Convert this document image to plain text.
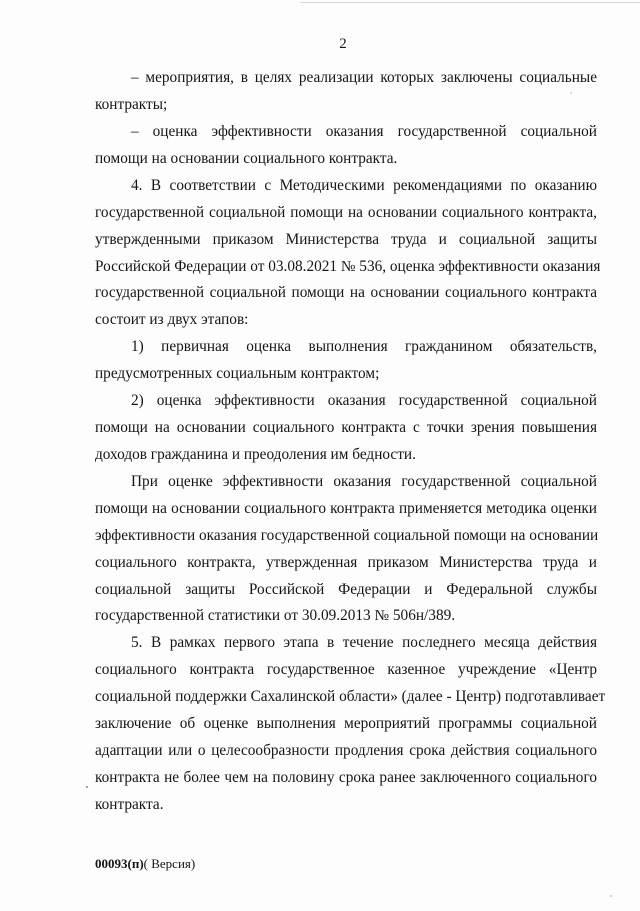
2
– мероприятия, в целях реализации которых заключены социальные
контракты;
– оценка эффективности оказания государственной социальной
помощи на основании социального контракта.
4. В соответствии с Методическими рекомендациями по оказанию
государственной социальной помощи на основании социального контракта,
утвержденными приказом Министерства труда и социальной защиты
Российской Федерации от 03.08.2021 № 536, оценка эффективности оказания
государственной социальной помощи на основании социального контракта
состоит из двух этапов:
1) первичная оценка выполнения гражданином обязательств,
предусмотренных социальным контрактом;
2) оценка эффективности оказания государственной социальной
помощи на основании социального контракта с точки зрения повышения
доходов гражданина и преодоления им бедности.
При оценке эффективности оказания государственной социальной
помощи на основании социального контракта применяется методика оценки
эффективности оказания государственной социальной помощи на основании
социального контракта, утвержденная приказом Министерства труда и
социальной защиты Российской Федерации и Федеральной службы
государственной статистики от 30.09.2013 № 506н/389.
5. В рамках первого этапа в течение последнего месяца действия
социального контракта государственное казенное учреждение «Центр
социальной поддержки Сахалинской области» (далее - Центр) подготавливает
заключение об оценке выполнения мероприятий программы социальной
адаптации или о целесообразности продления срока действия социального
контракта не более чем на половину срока ранее заключенного социального
контракта.
00093(п)( Версия)
